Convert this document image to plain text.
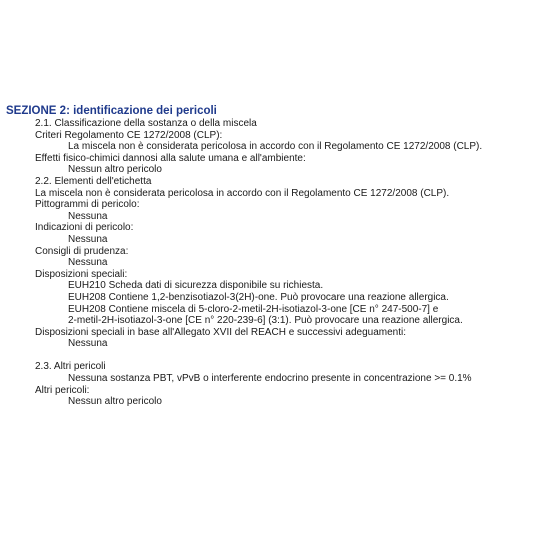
SEZIONE 2: identificazione dei pericoli
2.1. Classificazione della sostanza o della miscela
Criteri Regolamento CE 1272/2008 (CLP):
La miscela non è considerata pericolosa in accordo con il Regolamento CE 1272/2008 (CLP).
Effetti fisico-chimici dannosi alla salute umana e all'ambiente:
Nessun altro pericolo
2.2. Elementi dell'etichetta
La miscela non è considerata pericolosa in accordo con il Regolamento CE 1272/2008 (CLP).
Pittogrammi di pericolo:
Nessuna
Indicazioni di pericolo:
Nessuna
Consigli di prudenza:
Nessuna
Disposizioni speciali:
EUH210 Scheda dati di sicurezza disponibile su richiesta.
EUH208 Contiene 1,2-benzisotiazol-3(2H)-one. Può provocare una reazione allergica.
EUH208 Contiene miscela di 5-cloro-2-metil-2H-isotiazol-3-one [CE n° 247-500-7] e
2-metil-2H-isotiazol-3-one [CE n° 220-239-6] (3:1). Può provocare una reazione allergica.
Disposizioni speciali in base all'Allegato XVII del REACH e successivi adeguamenti:
Nessuna
2.3. Altri pericoli
Nessuna sostanza PBT, vPvB o interferente endocrino presente in concentrazione >= 0.1%
Altri pericoli:
Nessun altro pericolo
